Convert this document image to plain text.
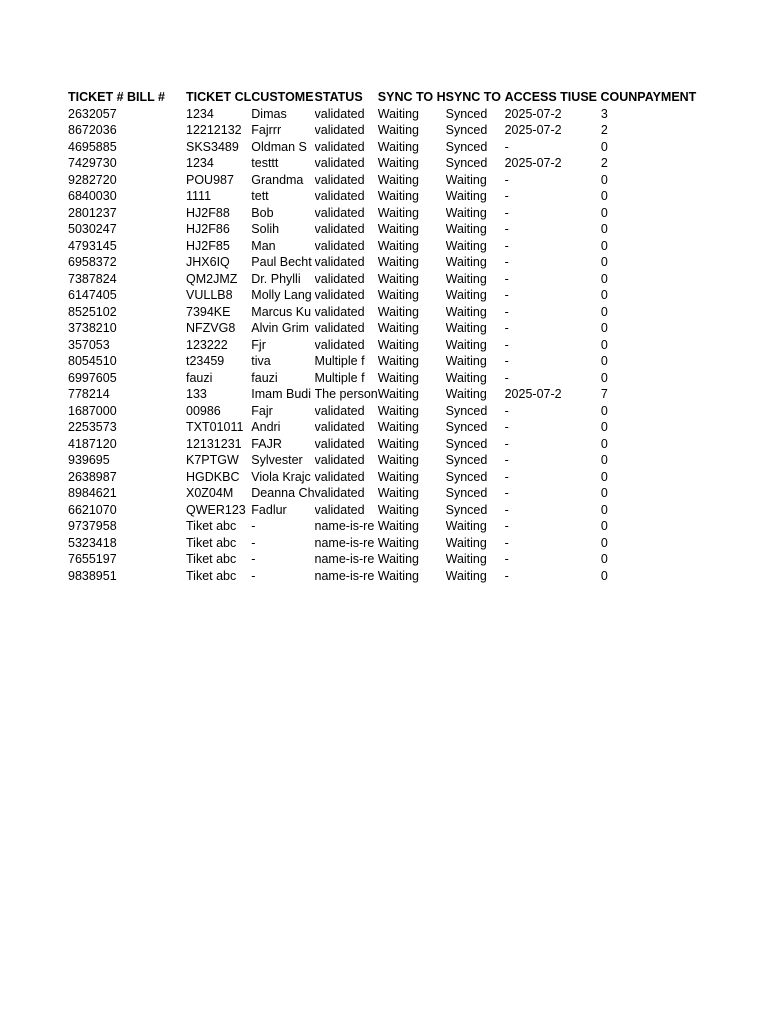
TICKET #	BILL #	TICKET CL	CUSTOME	STATUS	SYNC TO H	SYNC TO	ACCESS TI	USE COUN	PAYMENT
2632057		1234	Dimas	validated	Waiting	Synced	2025-07-2	3	
8672036		12212132	Fajrrr	validated	Waiting	Synced	2025-07-2	2	
4695885		SKS3489	Oldman S	validated	Waiting	Synced	-	0	
7429730		1234	testtt	validated	Waiting	Synced	2025-07-2	2	
9282720		POU987	Grandma	validated	Waiting	Waiting	-	0	
6840030		1111	tett	validated	Waiting	Waiting	-	0	
2801237		HJ2F88	Bob	validated	Waiting	Waiting	-	0	
5030247		HJ2F86	Solih	validated	Waiting	Waiting	-	0	
4793145		HJ2F85	Man	validated	Waiting	Waiting	-	0	
6958372		JHX6IQ	Paul Becht	validated	Waiting	Waiting	-	0	
7387824		QM2JMZ	Dr. Phylli	validated	Waiting	Waiting	-	0	
6147405		VULLB8	Molly Lang	validated	Waiting	Waiting	-	0	
8525102		7394KE	Marcus Ku	validated	Waiting	Waiting	-	0	
3738210		NFZVG8	Alvin Grim	validated	Waiting	Waiting	-	0	
357053		123222	Fjr	validated	Waiting	Waiting	-	0	
8054510		t23459	tiva	Multiple f	Waiting	Waiting	-	0	
6997605		fauzi	fauzi	Multiple f	Waiting	Waiting	-	0	
778214		133	Imam Budi	The person	Waiting	Waiting	2025-07-2	7	
1687000		00986	Fajr	validated	Waiting	Synced	-	0	
2253573		TXT01011	Andri	validated	Waiting	Synced	-	0	
4187120		12131231	FAJR	validated	Waiting	Synced	-	0	
939695		K7PTGW	Sylvester	validated	Waiting	Synced	-	0	
2638987		HGDKBC	Viola Krajc	validated	Waiting	Synced	-	0	
8984621		X0Z04M	Deanna Ch	validated	Waiting	Synced	-	0	
6621070		QWER123	Fadlur	validated	Waiting	Synced	-	0	
9737958		Tiket abc	-	name-is-re	Waiting	Waiting	-	0	
5323418		Tiket abc	-	name-is-re	Waiting	Waiting	-	0	
7655197		Tiket abc	-	name-is-re	Waiting	Waiting	-	0	
9838951		Tiket abc	-	name-is-re	Waiting	Waiting	-	0	
